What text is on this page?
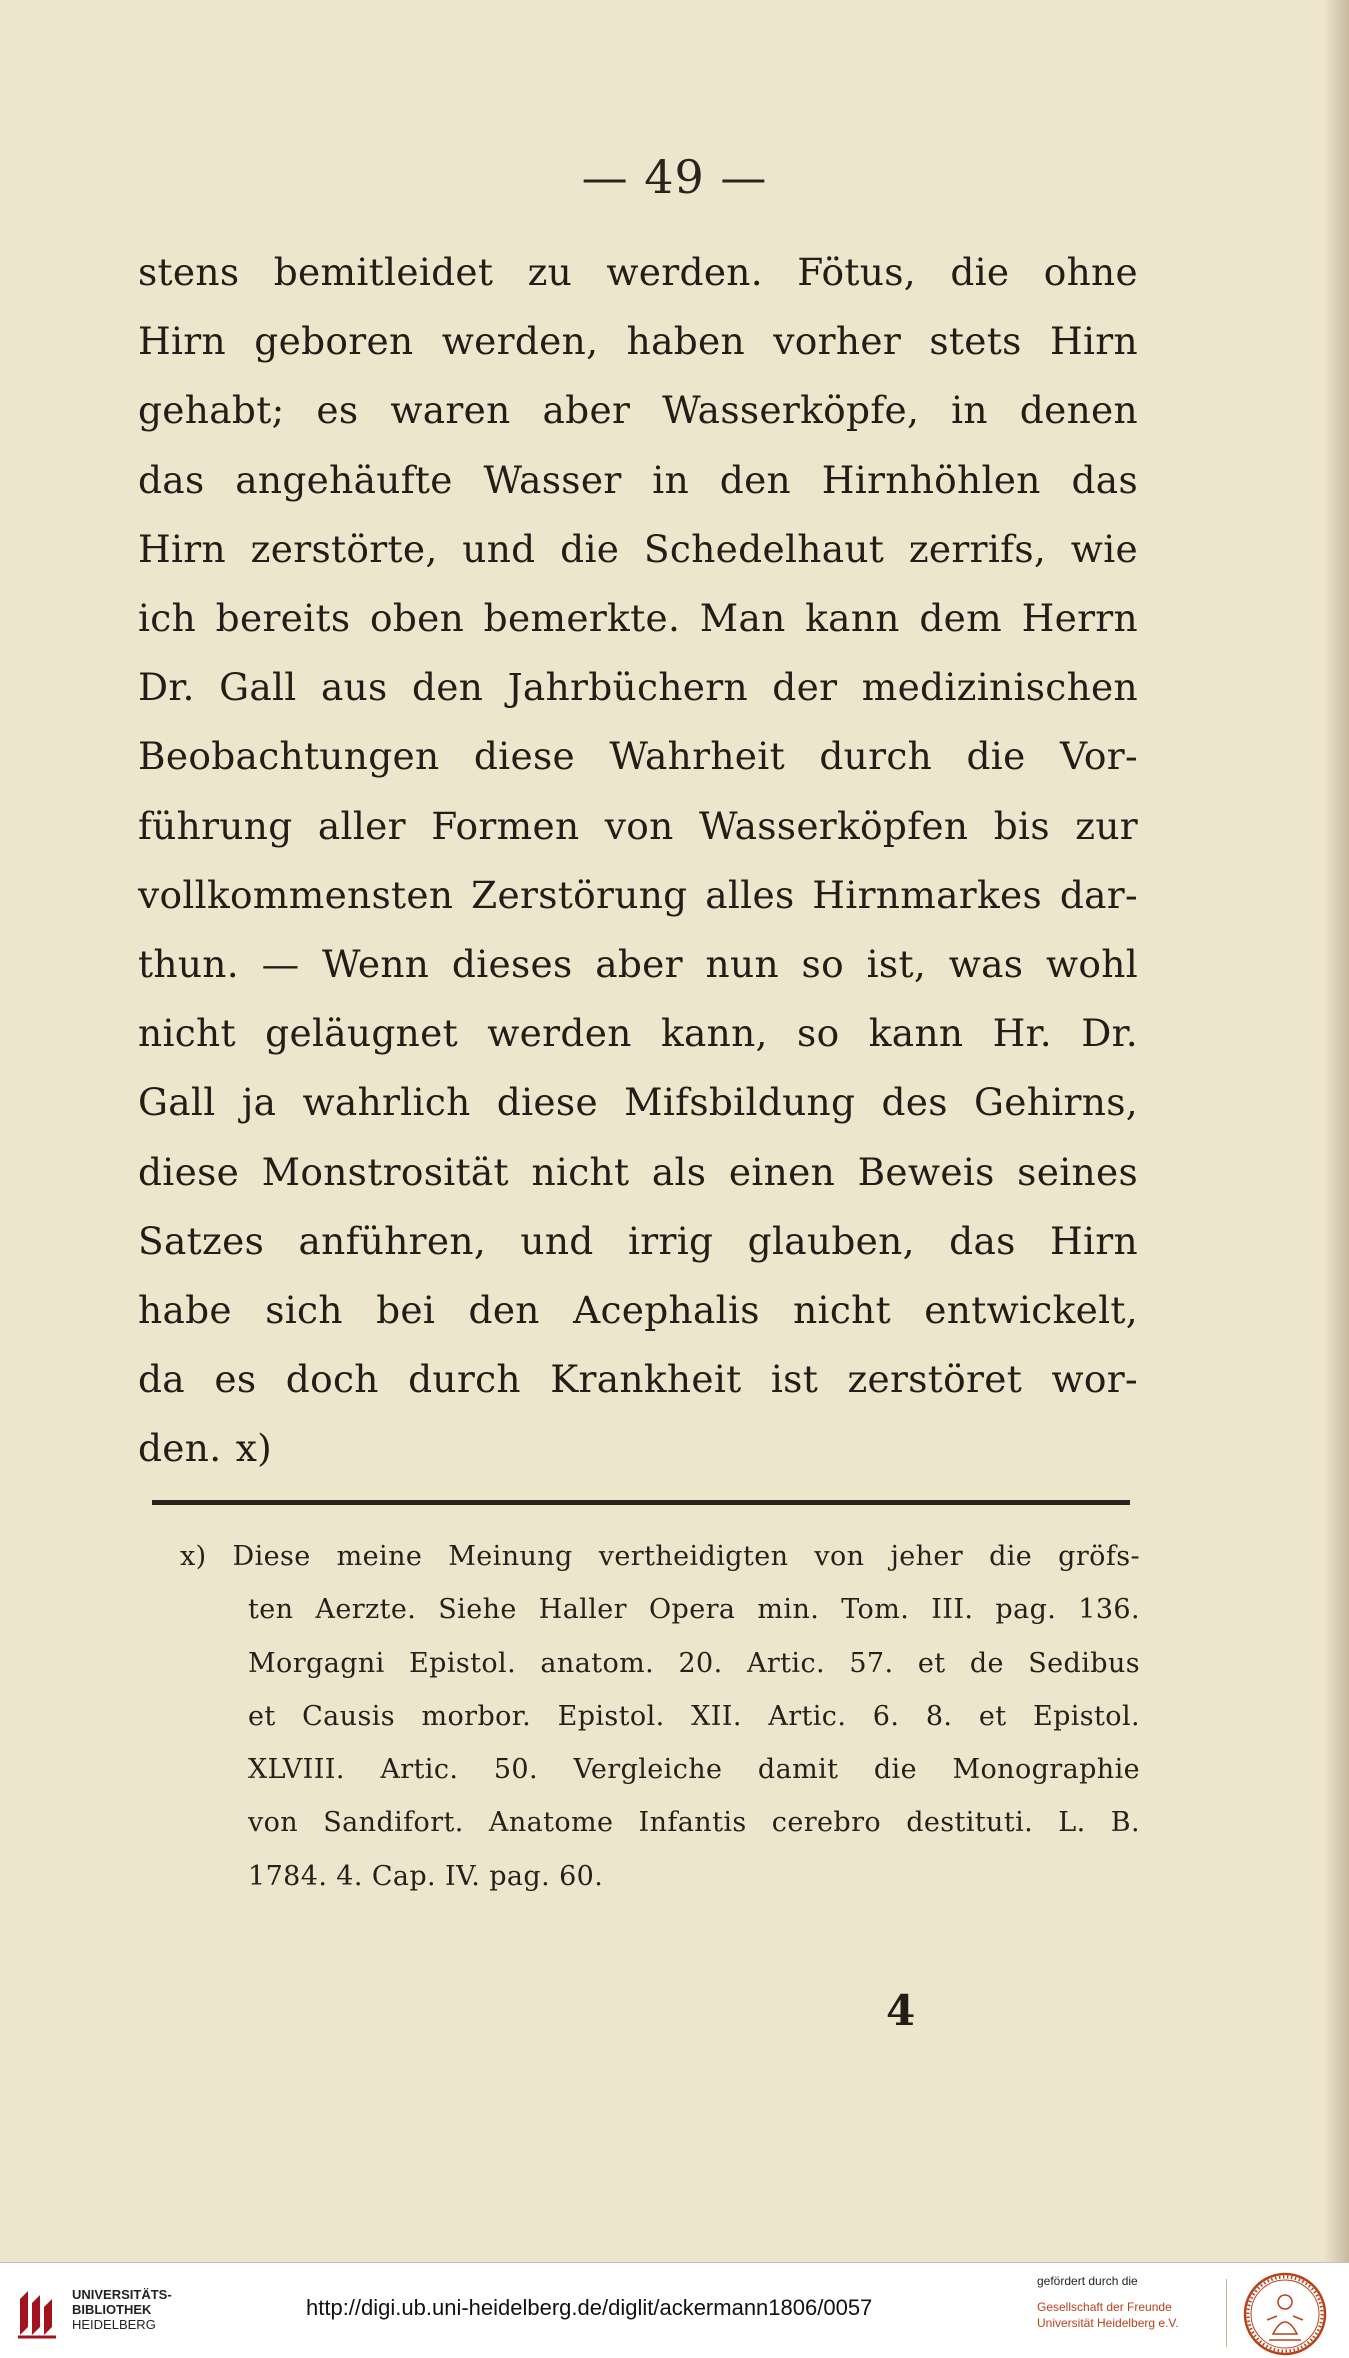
— 49 —
stens bemitleidet zu werden. Fötus, die ohne
Hirn geboren werden, haben vorher stets Hirn
gehabt; es waren aber Wasserköpfe, in denen
das angehäufte Wasser in den Hirnhöhlen das
Hirn zerstörte, und die Schedelhaut zerrifs, wie
ich bereits oben bemerkte. Man kann dem Herrn
Dr. Gall aus den Jahrbüchern der medizinischen
Beobachtungen diese Wahrheit durch die Vor-
führung aller Formen von Wasserköpfen bis zur
vollkommensten Zerstörung alles Hirnmarkes dar-
thun. — Wenn dieses aber nun so ist, was wohl
nicht geläugnet werden kann, so kann Hr. Dr.
Gall ja wahrlich diese Mifsbildung des Gehirns,
diese Monstrosität nicht als einen Beweis seines
Satzes anführen, und irrig glauben, das Hirn
habe sich bei den Acephalis nicht entwickelt,
da es doch durch Krankheit ist zerstöret wor-
den. x)
x) Diese meine Meinung vertheidigten von jeher die gröfs-
ten Aerzte. Siehe Haller Opera min. Tom. III. pag. 136.
Morgagni Epistol. anatom. 20. Artic. 57. et de Sedibus
et Causis morbor. Epistol. XII. Artic. 6. 8. et Epistol.
XLVIII. Artic. 50. Vergleiche damit die Monographie
von Sandifort. Anatome Infantis cerebro destituti. L. B.
1784. 4. Cap. IV. pag. 60.
4
UNIVERSITÄTS-
BIBLIOTHEK
HEIDELBERG
http://digi.ub.uni-heidelberg.de/diglit/ackermann1806/0057
gefördert durch die
Gesellschaft der Freunde
Universität Heidelberg e.V.
